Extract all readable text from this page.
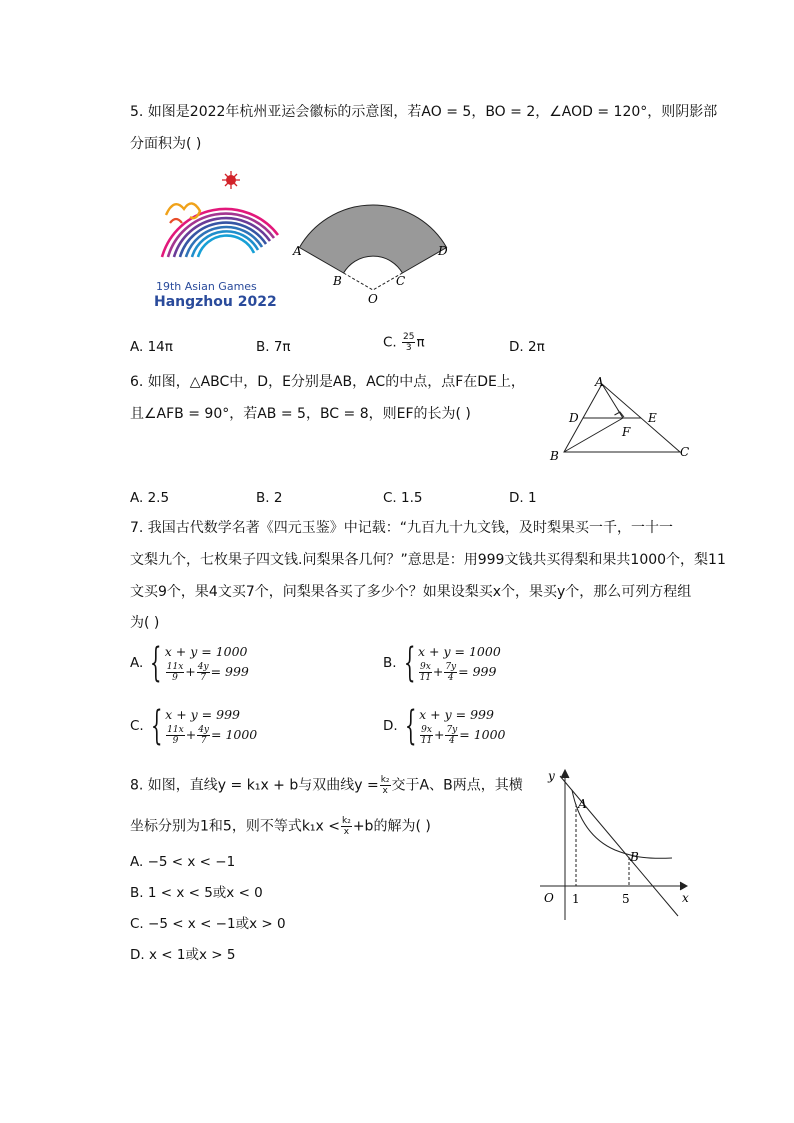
5. 如图是2022年杭州亚运会徽标的示意图，若AO = 5，BO = 2，∠AOD = 120°，则阴影部
分面积为( )
19th Asian Games
Hangzhou 2022
A
B	C
D
O
A. 14π	B. 7π	C. $\frac{25}{3}$ π	D. 2π
6. 如图，△ABC中，D，E分别是AB，AC的中点，点F在DE上，
且∠AFB = 90°，若AB = 5，BC = 8，则EF的长为( )
A
B	C
D	E
F
A. 2.5	B. 2	C. 1.5	D. 1
7. 我国古代数学名著《四元玉鉴》中记载：“九百九十九文钱，及时梨果买一千，一十一
文梨九个，七枚果子四文钱.问梨果各几何？”意思是：用999文钱共买得梨和果共1000个，梨11
文买9个，果4文买7个，问梨果各买了多少个？如果设梨买x个，果买y个，那么可列方程组
为( )
A. { x + y = 1000
$\frac{11x}{9} + \frac{4y}{7} = 999$
B. { x + y = 1000
$\frac{9x}{11} + \frac{7y}{4} = 999$
C. { x + y = 999
$\frac{11x}{9} + \frac{4y}{7} = 1000$
D. { x + y = 999
$\frac{9x}{11} + \frac{7y}{4} = 1000$
8. 如图，直线y = k₁x + b与双曲线$y = \frac{\text{k₂}}{x}$ 交于A、B两点，其横
坐标分别为1和5，则不等式$k_1x < \frac{\text{k₂}}{x} +b$的解为( )
A. −5 < x < −1
B. 1 < x < 5或x < 0
C. −5 < x < −1或x > 0
D. x < 1或x > 5
y
x
O
A
B
1	5
